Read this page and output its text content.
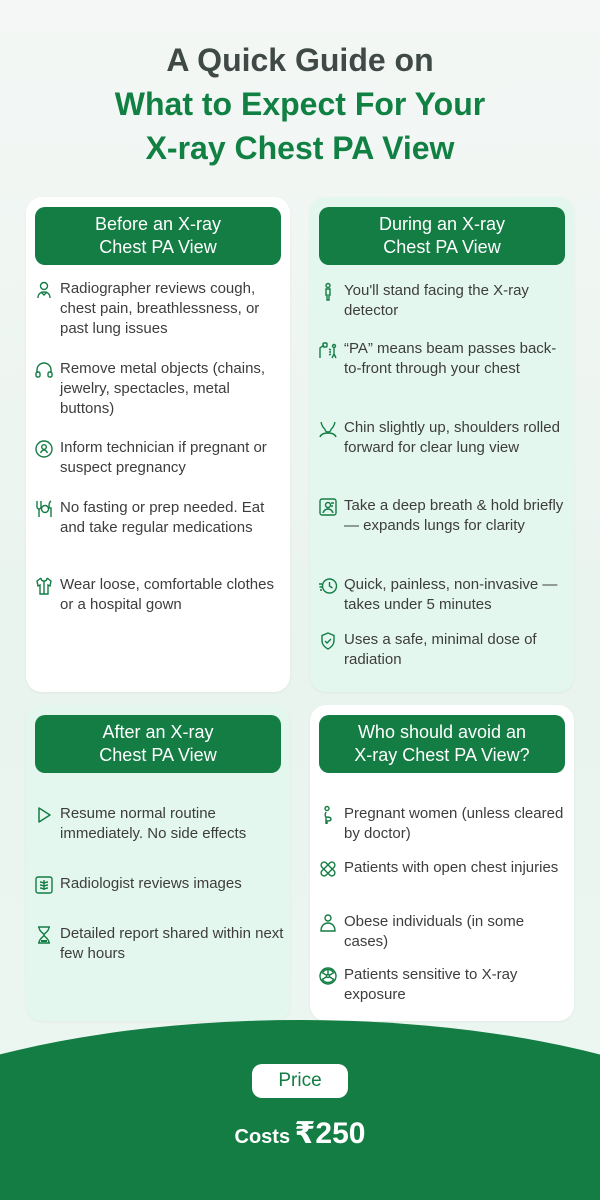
A Quick Guide on
What to Expect For Your
X-ray Chest PA View
Before an X-ray
Chest PA View
Radiographer reviews cough, chest pain, breathlessness, or past lung issues
Remove metal objects (chains, jewelry, spectacles, metal buttons)
Inform technician if pregnant or suspect pregnancy
No fasting or prep needed. Eat and take regular medications
Wear loose, comfortable clothes or a hospital gown
During an X-ray
Chest PA View
You'll stand facing the X-ray detector
“PA” means beam passes back-to-front through your chest
Chin slightly up, shoulders rolled forward for clear lung view
Take a deep breath & hold briefly — expands lungs for clarity
Quick, painless, non-invasive — takes under 5 minutes
Uses a safe, minimal dose of radiation
After an X-ray
Chest PA View
Resume normal routine immediately. No side effects
Radiologist reviews images
Detailed report shared within next few hours
Who should avoid an
X-ray Chest PA View?
Pregnant women (unless cleared by doctor)
Patients with open chest injuries
Obese individuals (in some cases)
Patients sensitive to X-ray exposure
Price
Costs ₹250
